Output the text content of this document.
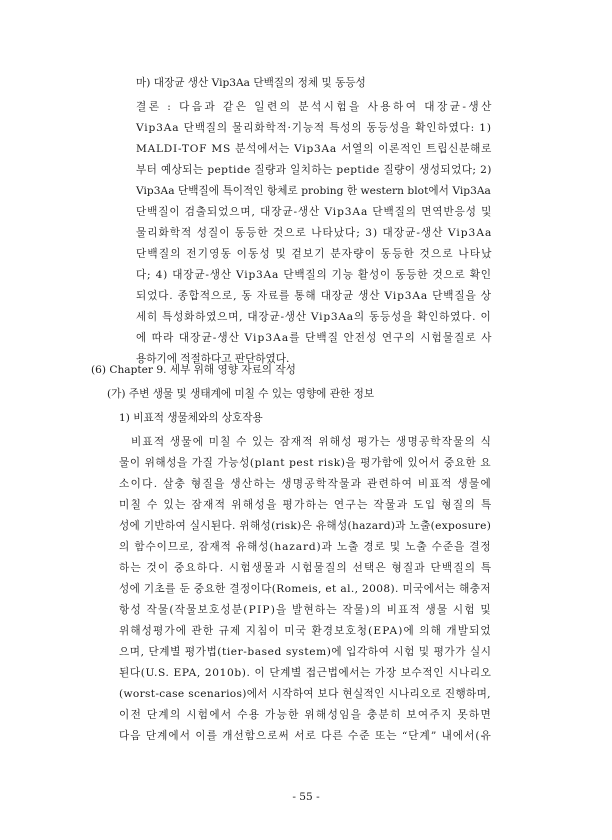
마) 대장균 생산 Vip3Aa 단백질의 정체 및 동등성

결론 : 다음과 같은 일련의 분석시험을 사용하여 대장균-생산

Vip3Aa 단백질의 물리화학적·기능적 특성의 동등성을 확인하였다: 1)

MALDI-TOF MS 분석에서는 Vip3Aa 서열의 이론적인 트립신분해로

부터 예상되는 peptide 질량과 일치하는 peptide 질량이 생성되었다; 2)

Vip3Aa 단백질에 특이적인 항체로 probing 한 western blot에서 Vip3Aa

단백질이 검출되었으며, 대장균-생산 Vip3Aa 단백질의 면역반응성 및

물리화학적 성질이 동등한 것으로 나타났다; 3) 대장균-생산 Vip3Aa

단백질의 전기영동 이동성 및 겉보기 분자량이 동등한 것으로 나타났

다; 4) 대장균-생산 Vip3Aa 단백질의 기능 활성이 동등한 것으로 확인

되었다. 종합적으로, 동 자료를 통해 대장균 생산 Vip3Aa 단백질을 상

세히 특성화하였으며, 대장균-생산 Vip3Aa의 동등성을 확인하였다. 이

에 따라 대장균-생산 Vip3Aa를 단백질 안전성 연구의 시험물질로 사

용하기에 적절하다고 판단하였다.

(6) Chapter 9. 세부 위해 영향 자료의 작성

(가) 주변 생물 및 생태계에 미칠 수 있는 영향에 관한 정보

1) 비표적 생물체와의 상호작용

비표적 생물에 미칠 수 있는 잠재적 위해성 평가는 생명공학작물의 식

물이 위해성을 가질 가능성(plant pest risk)을 평가함에 있어서 중요한 요

소이다. 살충 형질을 생산하는 생명공학작물과 관련하여 비표적 생물에

미칠 수 있는 잠재적 위해성을 평가하는 연구는 작물과 도입 형질의 특

성에 기반하여 실시된다. 위해성(risk)은 유해성(hazard)과 노출(exposure)

의 함수이므로, 잠재적 유해성(hazard)과 노출 경로 및 노출 수준을 결정

하는 것이 중요하다. 시험생물과 시험물질의 선택은 형질과 단백질의 특

성에 기초를 둔 중요한 결정이다(Romeis, et al., 2008). 미국에서는 해충저

항성 작물(작물보호성분(PIP)을 발현하는 작물)의 비표적 생물 시험 및

위해성평가에 관한 규제 지침이 미국 환경보호청(EPA)에 의해 개발되었

으며, 단계별 평가법(tier-based system)에 입각하여 시험 및 평가가 실시

된다(U.S. EPA, 2010b). 이 단계별 접근법에서는 가장 보수적인 시나리오

(worst-case scenarios)에서 시작하여 보다 현실적인 시나리오로 진행하며,

이전 단계의 시험에서 수용 가능한 위해성임을 충분히 보여주지 못하면

다음 단계에서 이를 개선함으로써 서로 다른 수준 또는 “단계” 내에서(유

- 55 -
